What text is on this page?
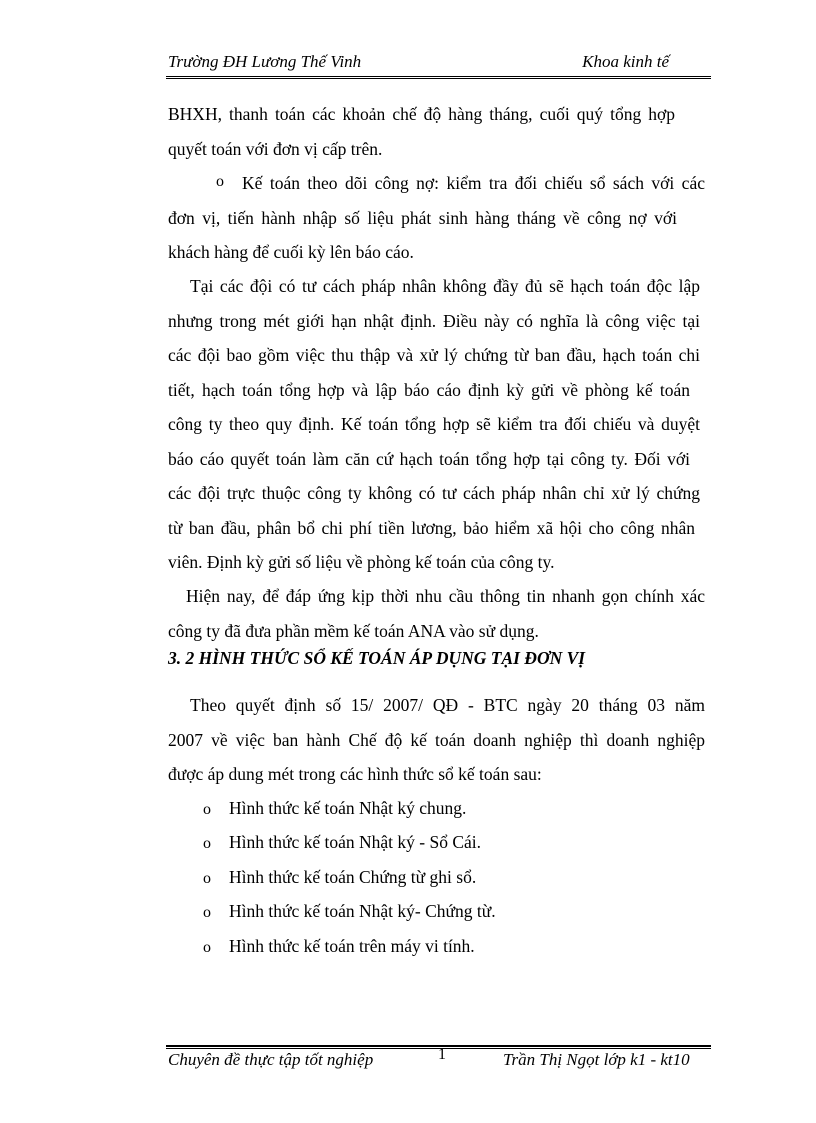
Trường ĐH Lương Thế Vinh	Khoa kinh tế
BHXH, thanh toán các khoản chế độ hàng tháng, cuối quý tổng hợp
quyết toán với đơn vị cấp trên.
o	Kế toán theo dõi công nợ: kiểm tra đối chiếu sổ sách với các
đơn vị, tiến hành nhập số liệu phát sinh hàng tháng về công nợ với
khách hàng để cuối kỳ lên báo cáo.
Tại các đội có tư cách pháp nhân không đầy đủ sẽ hạch toán độc lập
nhưng trong mét giới hạn nhật định. Điều này có nghĩa là công việc tại
các đội bao gồm việc thu thập và xử lý chứng từ ban đầu, hạch toán chi
tiết, hạch toán tổng hợp và lập báo cáo định kỳ gửi về phòng kế toán
công ty theo quy định. Kế toán tổng hợp sẽ kiểm tra đối chiếu và duyệt
báo cáo quyết toán làm căn cứ hạch toán tổng hợp tại công ty. Đối với
các đội trực thuộc công ty không có tư cách pháp nhân chỉ xử lý chứng
từ ban đầu, phân bổ chi phí tiền lương, bảo hiểm xã hội cho công nhân
viên. Định kỳ gửi số liệu về phòng kế toán của công ty.
Hiện nay, để đáp ứng kịp thời nhu cầu thông tin nhanh gọn chính xác
công ty đã đưa phần mềm kế toán ANA vào sử dụng.
3. 2 HÌNH THỨC SỔ KẾ TOÁN ÁP DỤNG TẠI ĐƠN VỊ
Theo quyết định số 15/ 2007/ QĐ - BTC ngày 20 tháng 03 năm
2007 về việc ban hành Chế độ kế toán doanh nghiệp thì doanh nghiệp
được áp dung mét trong các hình thức sổ kế toán sau:
o Hình thức kế toán Nhật ký chung.
o Hình thức kế toán Nhật ký - Sổ Cái.
o Hình thức kế toán Chứng từ ghi sổ.
o Hình thức kế toán Nhật ký- Chứng từ.
o Hình thức kế toán trên máy vi tính.
Chuyên đề thực tập tốt nghiệp	1	Trần Thị Ngọt lớp k1 - kt10
